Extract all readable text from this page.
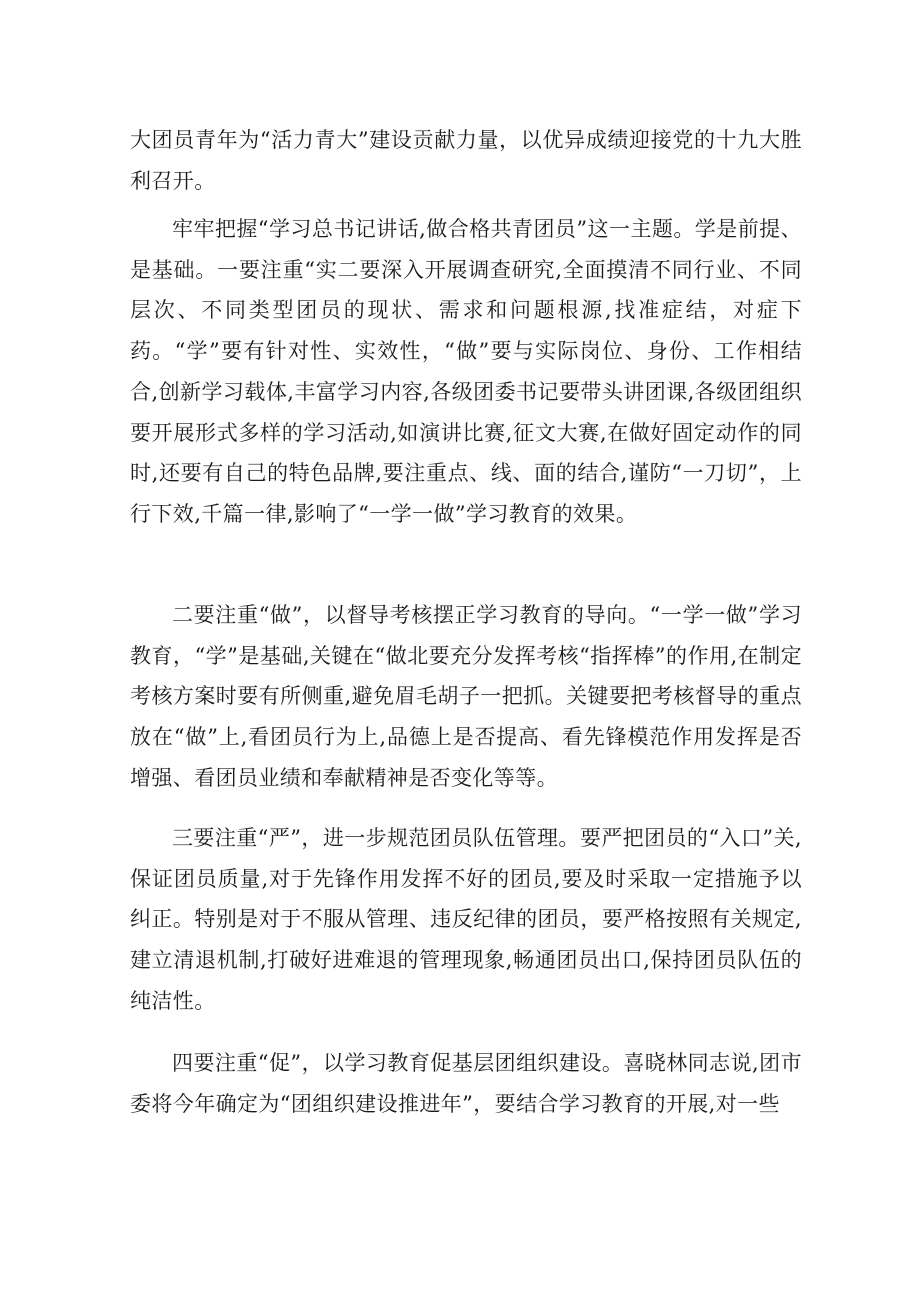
大团员青年为“活力青大”建设贡献力量，以优异成绩迎接党的十九大胜利召开。

牢牢把握“学习总书记讲话,做合格共青团员”这一主题。学是前提、是基础。一要注重“实二要深入开展调查研究,全面摸清不同行业、不同层次、不同类型团员的现状、需求和问题根源,找准症结，对症下药。“学”要有针对性、实效性，“做”要与实际岗位、身份、工作相结合,创新学习载体,丰富学习内容,各级团委书记要带头讲团课,各级团组织要开展形式多样的学习活动,如演讲比赛,征文大赛,在做好固定动作的同时,还要有自己的特色品牌,要注重点、线、面的结合,谨防“一刀切”，上行下效,千篇一律,影响了“一学一做”学习教育的效果。

二要注重“做”，以督导考核摆正学习教育的导向。“一学一做”学习教育，“学”是基础,关键在“做北要充分发挥考核“指挥棒”的作用,在制定考核方案时要有所侧重,避免眉毛胡子一把抓。关键要把考核督导的重点放在“做”上,看团员行为上,品德上是否提高、看先锋模范作用发挥是否增强、看团员业绩和奉献精神是否变化等等。

三要注重“严”，进一步规范团员队伍管理。要严把团员的“入口”关,保证团员质量,对于先锋作用发挥不好的团员,要及时采取一定措施予以纠正。特别是对于不服从管理、违反纪律的团员，要严格按照有关规定,建立清退机制,打破好进难退的管理现象,畅通团员出口,保持团员队伍的纯洁性。

四要注重“促”，以学习教育促基层团组织建设。喜晓林同志说,团市委将今年确定为“团组织建设推进年”，要结合学习教育的开展,对一些
